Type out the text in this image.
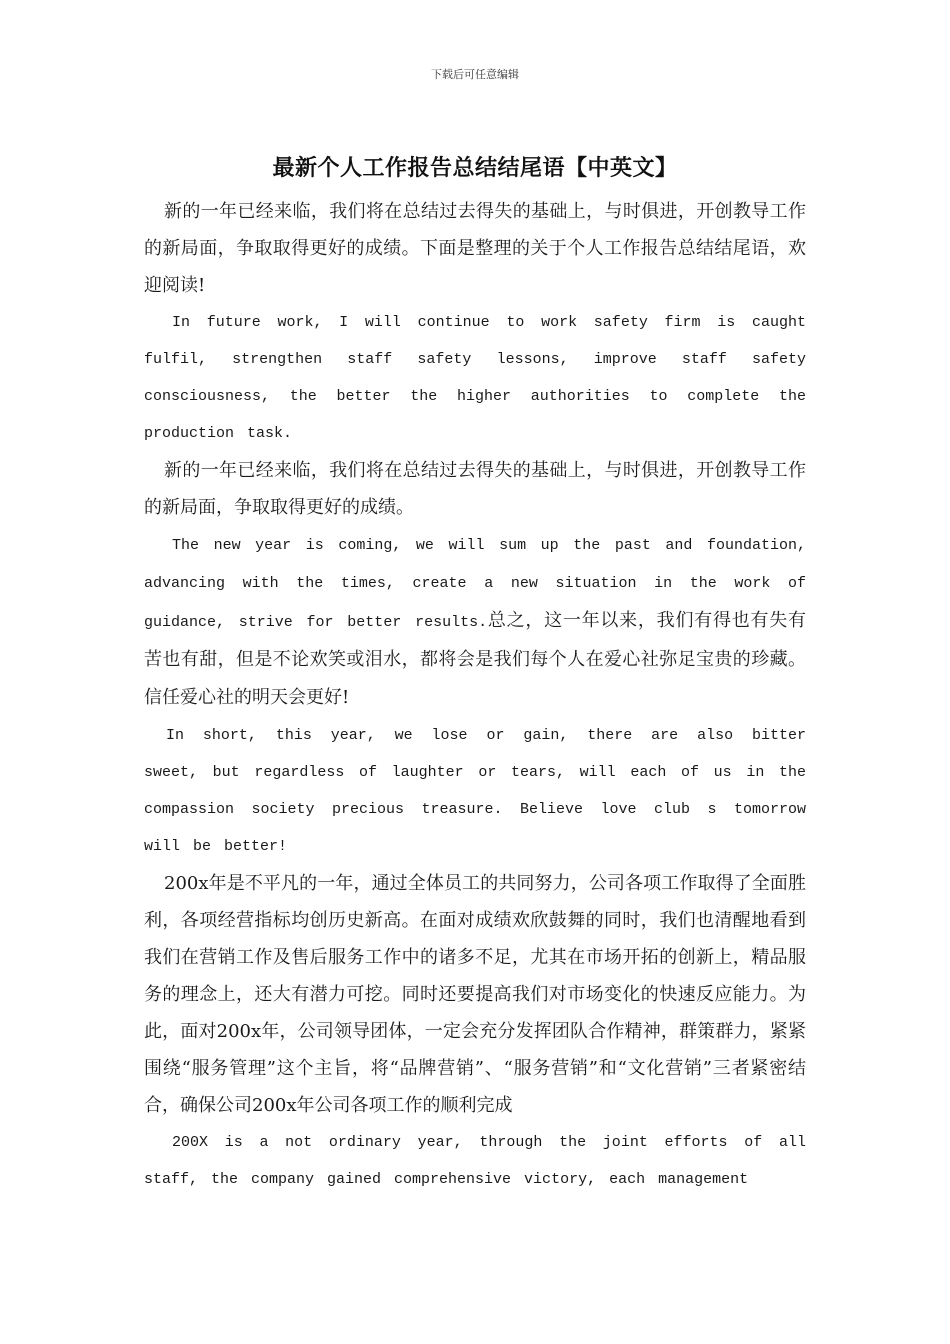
下载后可任意编辑
最新个人工作报告总结结尾语【中英文】

新的一年已经来临，我们将在总结过去得失的基础上，与时俱进，开创教导工作的新局面，争取取得更好的成绩。下面是整理的关于个人工作报告总结结尾语，欢迎阅读!

In future work, I will continue to work safety firm is caught fulfil, strengthen staff safety lessons, improve staff safety consciousness, the better the higher authorities to complete the production task.

新的一年已经来临，我们将在总结过去得失的基础上，与时俱进，开创教导工作的新局面，争取取得更好的成绩。

The new year is coming, we will sum up the past and foundation, advancing with the times, create a new situation in the work of guidance, strive for better results.总之，这一年以来，我们有得也有失有苦也有甜，但是不论欢笑或泪水，都将会是我们每个人在爱心社弥足宝贵的珍藏。信任爱心社的明天会更好!

In short, this year, we lose or gain, there are also bitter sweet, but regardless of laughter or tears, will each of us in the compassion society precious treasure. Believe love club s tomorrow will be better!

200x年是不平凡的一年，通过全体员工的共同努力，公司各项工作取得了全面胜利，各项经营指标均创历史新高。在面对成绩欢欣鼓舞的同时，我们也清醒地看到我们在营销工作及售后服务工作中的诸多不足，尤其在市场开拓的创新上，精品服务的理念上，还大有潜力可挖。同时还要提高我们对市场变化的快速反应能力。为此，面对200x年，公司领导团体，一定会充分发挥团队合作精神，群策群力，紧紧围绕“服务管理”这个主旨，将“品牌营销”、“服务营销”和“文化营销”三者紧密结合，确保公司200x年公司各项工作的顺利完成

200X is a not ordinary year, through the joint efforts of all staff, the company gained comprehensive victory, each management
